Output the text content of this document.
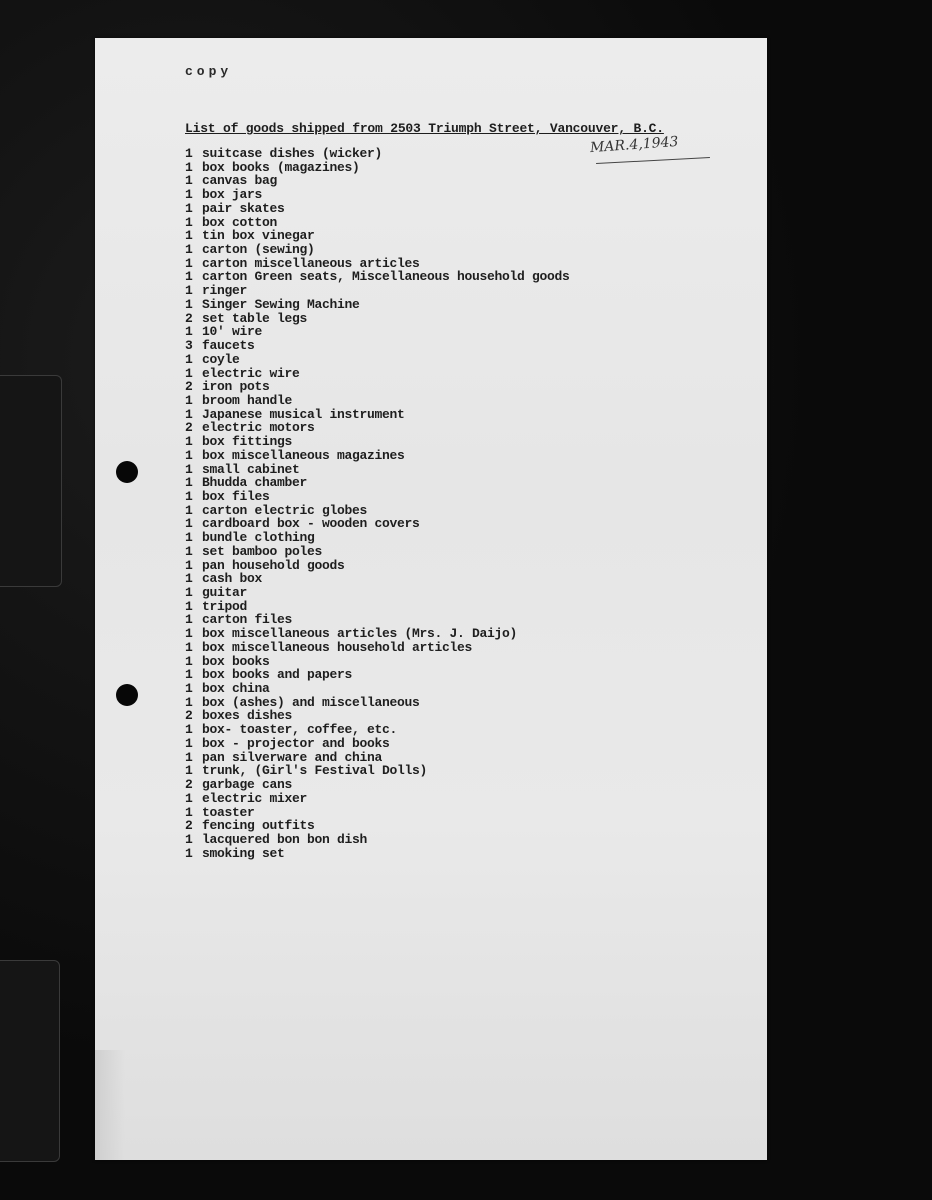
copy
List of goods shipped from 2503 Triumph Street, Vancouver, B.C.
MAR.4,1943
1 suitcase dishes (wicker)
1 box books (magazines)
1 canvas bag
1 box jars
1 pair skates
1 box cotton
1 tin box vinegar
1 carton (sewing)
1 carton miscellaneous articles
1 carton Green seats, Miscellaneous household goods
1 ringer
1 Singer Sewing Machine
2 set table legs
1 10' wire
3 faucets
1 coyle
1 electric wire
2 iron pots
1 broom handle
1 Japanese musical instrument
2 electric motors
1 box fittings
1 box miscellaneous magazines
1 small cabinet
1 Bhudda chamber
1 box files
1 carton electric globes
1 cardboard box - wooden covers
1 bundle clothing
1 set bamboo poles
1 pan household goods
1 cash box
1 guitar
1 tripod
1 carton files
1 box miscellaneous articles (Mrs. J. Daijo)
1 box miscellaneous household articles
1 box books
1 box books and papers
1 box china
1 box (ashes) and miscellaneous
2 boxes dishes
1 box- toaster, coffee, etc.
1 box - projector and books
1 pan silverware and china
1 trunk, (Girl's Festival Dolls)
2 garbage cans
1 electric mixer
1 toaster
2 fencing outfits
1 lacquered bon bon dish
1 smoking set
